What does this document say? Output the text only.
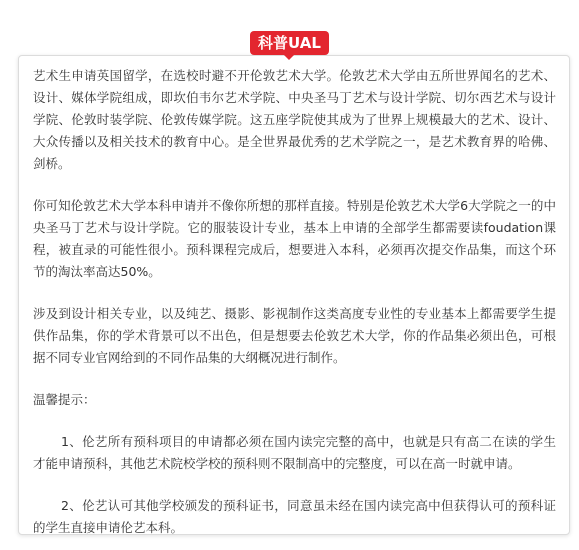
科普UAL

艺术生申请英国留学，在选校时避不开伦敦艺术大学。伦敦艺术大学由五所世界闻名的艺术、设计、媒体学院组成，即坎伯韦尔艺术学院、中央圣马丁艺术与设计学院、切尔西艺术与设计学院、伦敦时装学院、伦敦传媒学院。这五座学院使其成为了世界上规模最大的艺术、设计、大众传播以及相关技术的教育中心。是全世界最优秀的艺术学院之一，是艺术教育界的哈佛、剑桥。

你可知伦敦艺术大学本科申请并不像你所想的那样直接。特别是伦敦艺术大学6大学院之一的中央圣马丁艺术与设计学院。它的服装设计专业，基本上申请的全部学生都需要读foudation课程，被直录的可能性很小。预科课程完成后，想要进入本科，必须再次提交作品集，而这个环节的淘汰率高达50%。

涉及到设计相关专业，以及纯艺、摄影、影视制作这类高度专业性的专业基本上都需要学生提供作品集，你的学术背景可以不出色，但是想要去伦敦艺术大学，你的作品集必须出色，可根据不同专业官网给到的不同作品集的大纲概况进行制作。

温馨提示：

1、伦艺所有预科项目的申请都必须在国内读完完整的高中，也就是只有高二在读的学生才能申请预科，其他艺术院校学校的预科则不限制高中的完整度，可以在高一时就申请。

2、伦艺认可其他学校颁发的预科证书，同意虽未经在国内读完高中但获得认可的预科证的学生直接申请伦艺本科。
